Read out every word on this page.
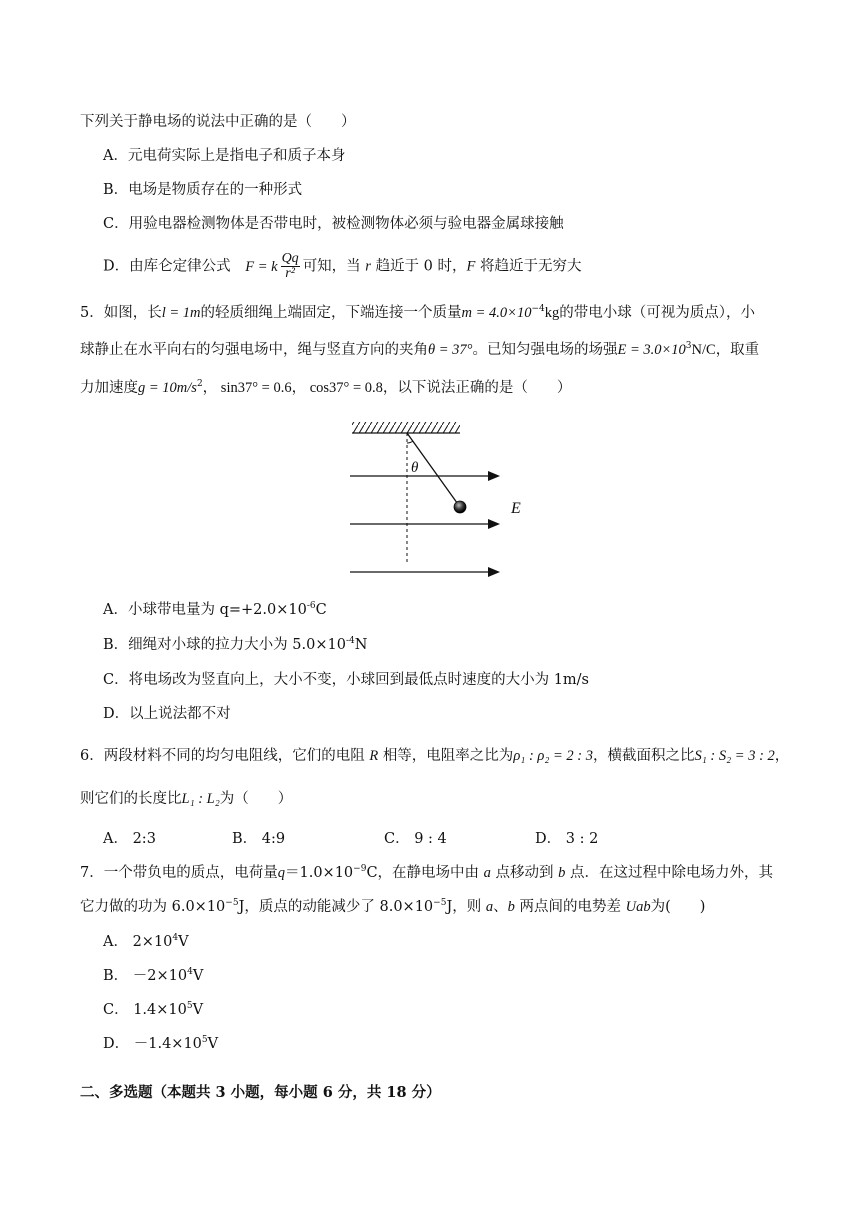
下列关于静电场的说法中正确的是（　　）
A．元电荷实际上是指电子和质子本身
B．电场是物质存在的一种形式
C．用验电器检测物体是否带电时，被检测物体必须与验电器金属球接触
D．由库仑定律公式 F = k $\frac{Qq}{\text{r²}}$ 可知，当 r 趋近于 0 时，F 将趋近于无穷大
5．如图，长l = 1m的轻质细绳上端固定，下端连接一个质量$m = 4.0\times 10^{-4}kg$的带电小球（可视为质点），小
球静止在水平向右的匀强电场中，绳与竖直方向的夹角θ = 37°。已知匀强电场的场强$E = 3.0\times 10^3N/C$，取重
力加速度$g = 10m/s^2$， sin37° = 0.6， cos37° = 0.8，以下说法正确的是（　　）
θ
E
A．小球带电量为 $q=+2.0\times 10^{-6}C$
B．细绳对小球的拉力大小为 $5.0\times 10^{-4}N$
C．将电场改为竖直向上，大小不变，小球回到最低点时速度的大小为 1m/s
D．以上说法都不对
6．两段材料不同的均匀电阻线，它们的电阻 R 相等，电阻率之比为ρ₁ : ρ₂ = 2 : 3，横截面积之比S₁ : S₂ = 3 : 2，
则它们的长度比L₁ : L₂为（　　）
A． 2:3	B． 4:9	C． 9 : 4	D． 3 : 2
7．一个带负电的质点，电荷量$q=1.0\times 10^{-9}C$，在静电场中由 a 点移动到 b 点．在这过程中除电场力外，其
它力做的功为 $6.0\times 10^{-5}J$，质点的动能减少了 $8.0\times 10^{-5}J$，则 a、b 两点间的电势差 Uab为(　　)
A． $2\times 10^4V$
B． $-2\times 10^4V$
C． $1.4\times 10^5V$
D． $-1.4\times 10^5V$
二、多选题（本题共 3 小题，每小题 6 分，共 18 分）
